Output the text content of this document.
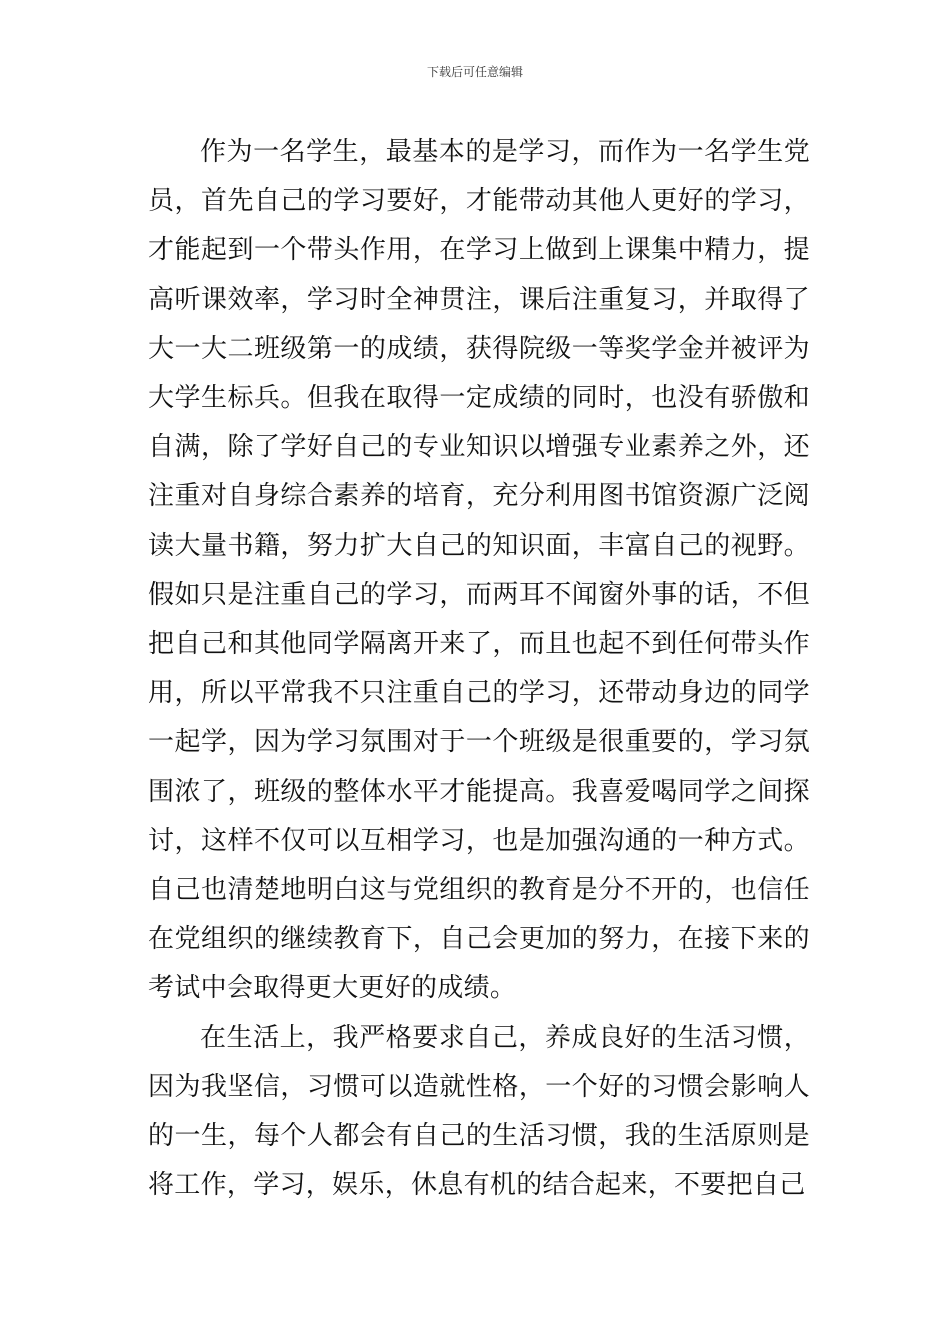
下载后可任意编辑

作为一名学生，最基本的是学习，而作为一名学生党员，首先自己的学习要好，才能带动其他人更好的学习，才能起到一个带头作用，在学习上做到上课集中精力，提高听课效率，学习时全神贯注，课后注重复习，并取得了大一大二班级第一的成绩，获得院级一等奖学金并被评为大学生标兵。但我在取得一定成绩的同时，也没有骄傲和自满，除了学好自己的专业知识以增强专业素养之外，还注重对自身综合素养的培育，充分利用图书馆资源广泛阅读大量书籍，努力扩大自己的知识面，丰富自己的视野。假如只是注重自己的学习，而两耳不闻窗外事的话，不但把自己和其他同学隔离开来了，而且也起不到任何带头作用，所以平常我不只注重自己的学习，还带动身边的同学一起学，因为学习氛围对于一个班级是很重要的，学习氛围浓了，班级的整体水平才能提高。我喜爱喝同学之间探讨，这样不仅可以互相学习，也是加强沟通的一种方式。自己也清楚地明白这与党组织的教育是分不开的，也信任在党组织的继续教育下，自己会更加的努力，在接下来的考试中会取得更大更好的成绩。

在生活上，我严格要求自己，养成良好的生活习惯，因为我坚信，习惯可以造就性格，一个好的习惯会影响人的一生，每个人都会有自己的生活习惯，我的生活原则是将工作，学习，娱乐，休息有机的结合起来，不要把自己
